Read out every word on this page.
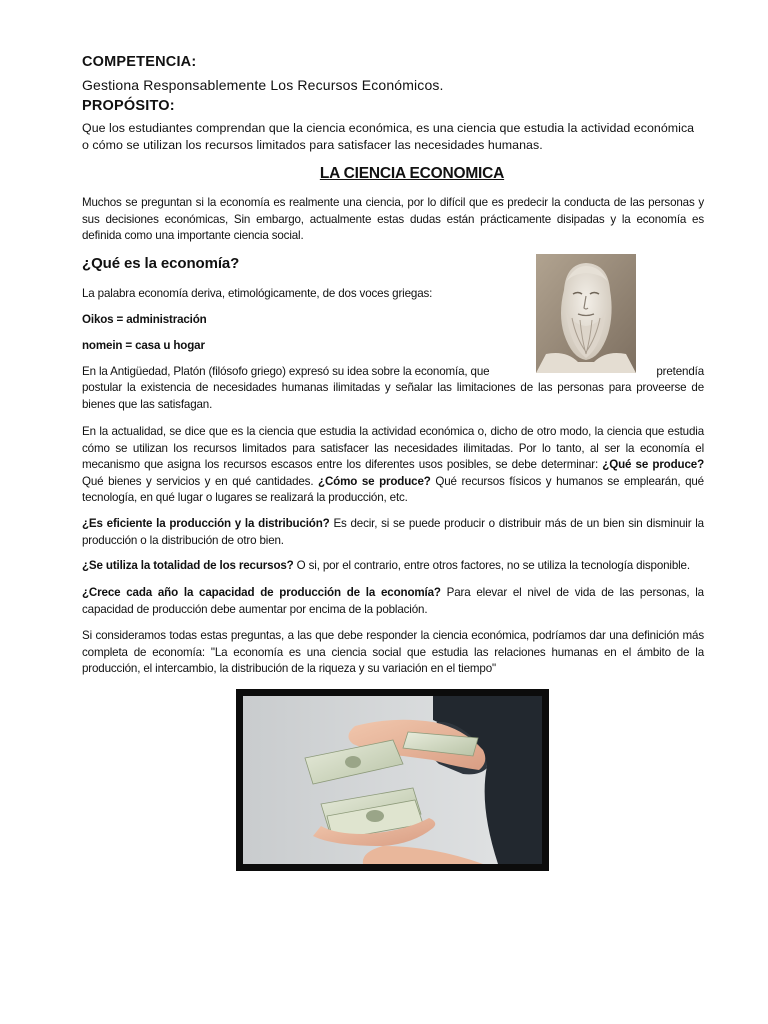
COMPETENCIA:
Gestiona Responsablemente Los Recursos Económicos.
PROPÓSITO:
Que los estudiantes comprendan que la ciencia económica, es una ciencia que estudia la actividad económica o cómo se utilizan los recursos limitados para satisfacer las necesidades humanas.
LA CIENCIA ECONOMICA
Muchos se preguntan si la economía es realmente una ciencia, por lo difícil que es predecir la conducta de las personas y sus decisiones económicas, Sin embargo, actualmente estas dudas están prácticamente disipadas y la economía es definida como una importante ciencia social.
¿Qué es la economía?
La palabra economía deriva, etimológicamente, de dos voces griegas:
Oikos = administración
nomein = casa u hogar
En la Antigüedad, Platón (filósofo griego) expresó su idea sobre la economía, que	pretendía
postular la existencia de necesidades humanas ilimitadas y señalar las limitaciones de las personas para proveerse de bienes que las satisfagan.
En la actualidad, se dice que es la ciencia que estudia la actividad económica o, dicho de otro modo, la ciencia que estudia cómo se utilizan los recursos limitados para satisfacer las necesidades ilimitadas. Por lo tanto, al ser la economía el mecanismo que asigna los recursos escasos entre los diferentes usos posibles, se debe determinar: ¿Qué se produce? Qué bienes y servicios y en qué cantidades. ¿Cómo se produce? Qué recursos físicos y humanos se emplearán, qué tecnología, en qué lugar o lugares se realizará la producción, etc.
¿Es eficiente la producción y la distribución? Es decir, si se puede producir o distribuir más de un bien sin disminuir la producción o la distribución de otro bien.
¿Se utiliza la totalidad de los recursos? O si, por el contrario, entre otros factores, no se utiliza la tecnología disponible.
¿Crece cada año la capacidad de producción de la economía? Para elevar el nivel de vida de las personas, la capacidad de producción debe aumentar por encima de la población.
Si consideramos todas estas preguntas, a las que debe responder la ciencia económica, podríamos dar una definición más completa de economía: "La economía es una ciencia social que estudia las relaciones humanas en el ámbito de la producción, el intercambio, la distribución de la riqueza y su variación en el tiempo"
